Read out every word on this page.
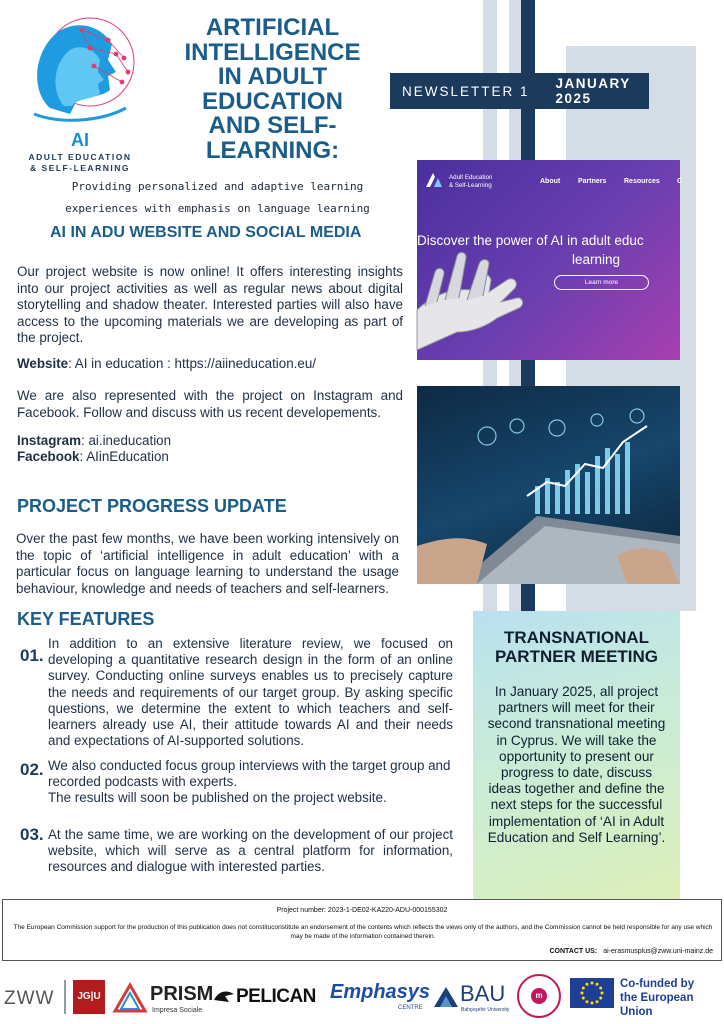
AI
ADULT EDUCATION
& SELF-LEARNING
ARTIFICIAL
INTELLIGENCE
IN ADULT
EDUCATION
AND SELF-
LEARNING:
NEWSLETTER 1 JANUARY 2025
Providing personalized and adaptive learning
experiences with emphasis on language learning
AI IN ADU WEBSITE AND SOCIAL MEDIA
Our project website is now online! It offers interesting insights into our project activities as well as regular news about digital storytelling and shadow theater. Interested parties will also have access to the upcoming materials we are developing as part of the project.
Website: AI in education : https://aiineducation.eu/
We are also represented with the project on Instagram and Facebook. Follow and discuss with us recent developements.
Instagram: ai.ineducation
Facebook: AIinEducation
Adult Education
& Self-Learning
About	Partners	Resources C
Discover the power of AI in adult educ
learning
Learn more
PROJECT PROGRESS UPDATE
Over the past few months, we have been working intensively on the topic of ‘artificial intelligence in adult education’ with a particular focus on language learning to understand the usage behaviour, knowledge and needs of teachers and self-learners.
KEY FEATURES
01.
In addition to an extensive literature review, we focused on developing a quantitative research design in the form of an online survey. Conducting online surveys enables us to precisely capture the needs and requirements of our target group. By asking specific questions, we determine the extent to which teachers and self-learners already use AI, their attitude towards AI and their needs and expectations of AI-supported solutions.
02. We also conducted focus group interviews with the target group and recorded podcasts with experts.
The results will soon be published on the project website.
03. At the same time, we are working on the development of our project website, which will serve as a central platform for information, resources and dialogue with interested parties.
TRANSNATIONAL
PARTNER MEETING
In January 2025, all project partners will meet for their second transnational meeting in Cyprus. We will take the opportunity to present our progress to date, discuss ideas together and define the next steps for the successful implementation of ‘AI in Adult Education and Self Learning’.
Project number: 2023-1-DE02-KA220-ADU-000155302
The European Commission support for the production of this publication does not constituconstitute an endorsement of the contents which reflects the views only of the authors, and the Commission cannot be held responsible for any use which may be made of the information contained therein.
CONTACT US: ai-erasmusplus@zww.uni-mainz.de
ZWW	JG|U PRISM
Impresa Sociale
PELICAN Emphasys
CENTRE
BAU
Bahçeşehir University
m
Co-funded by
the European Union
